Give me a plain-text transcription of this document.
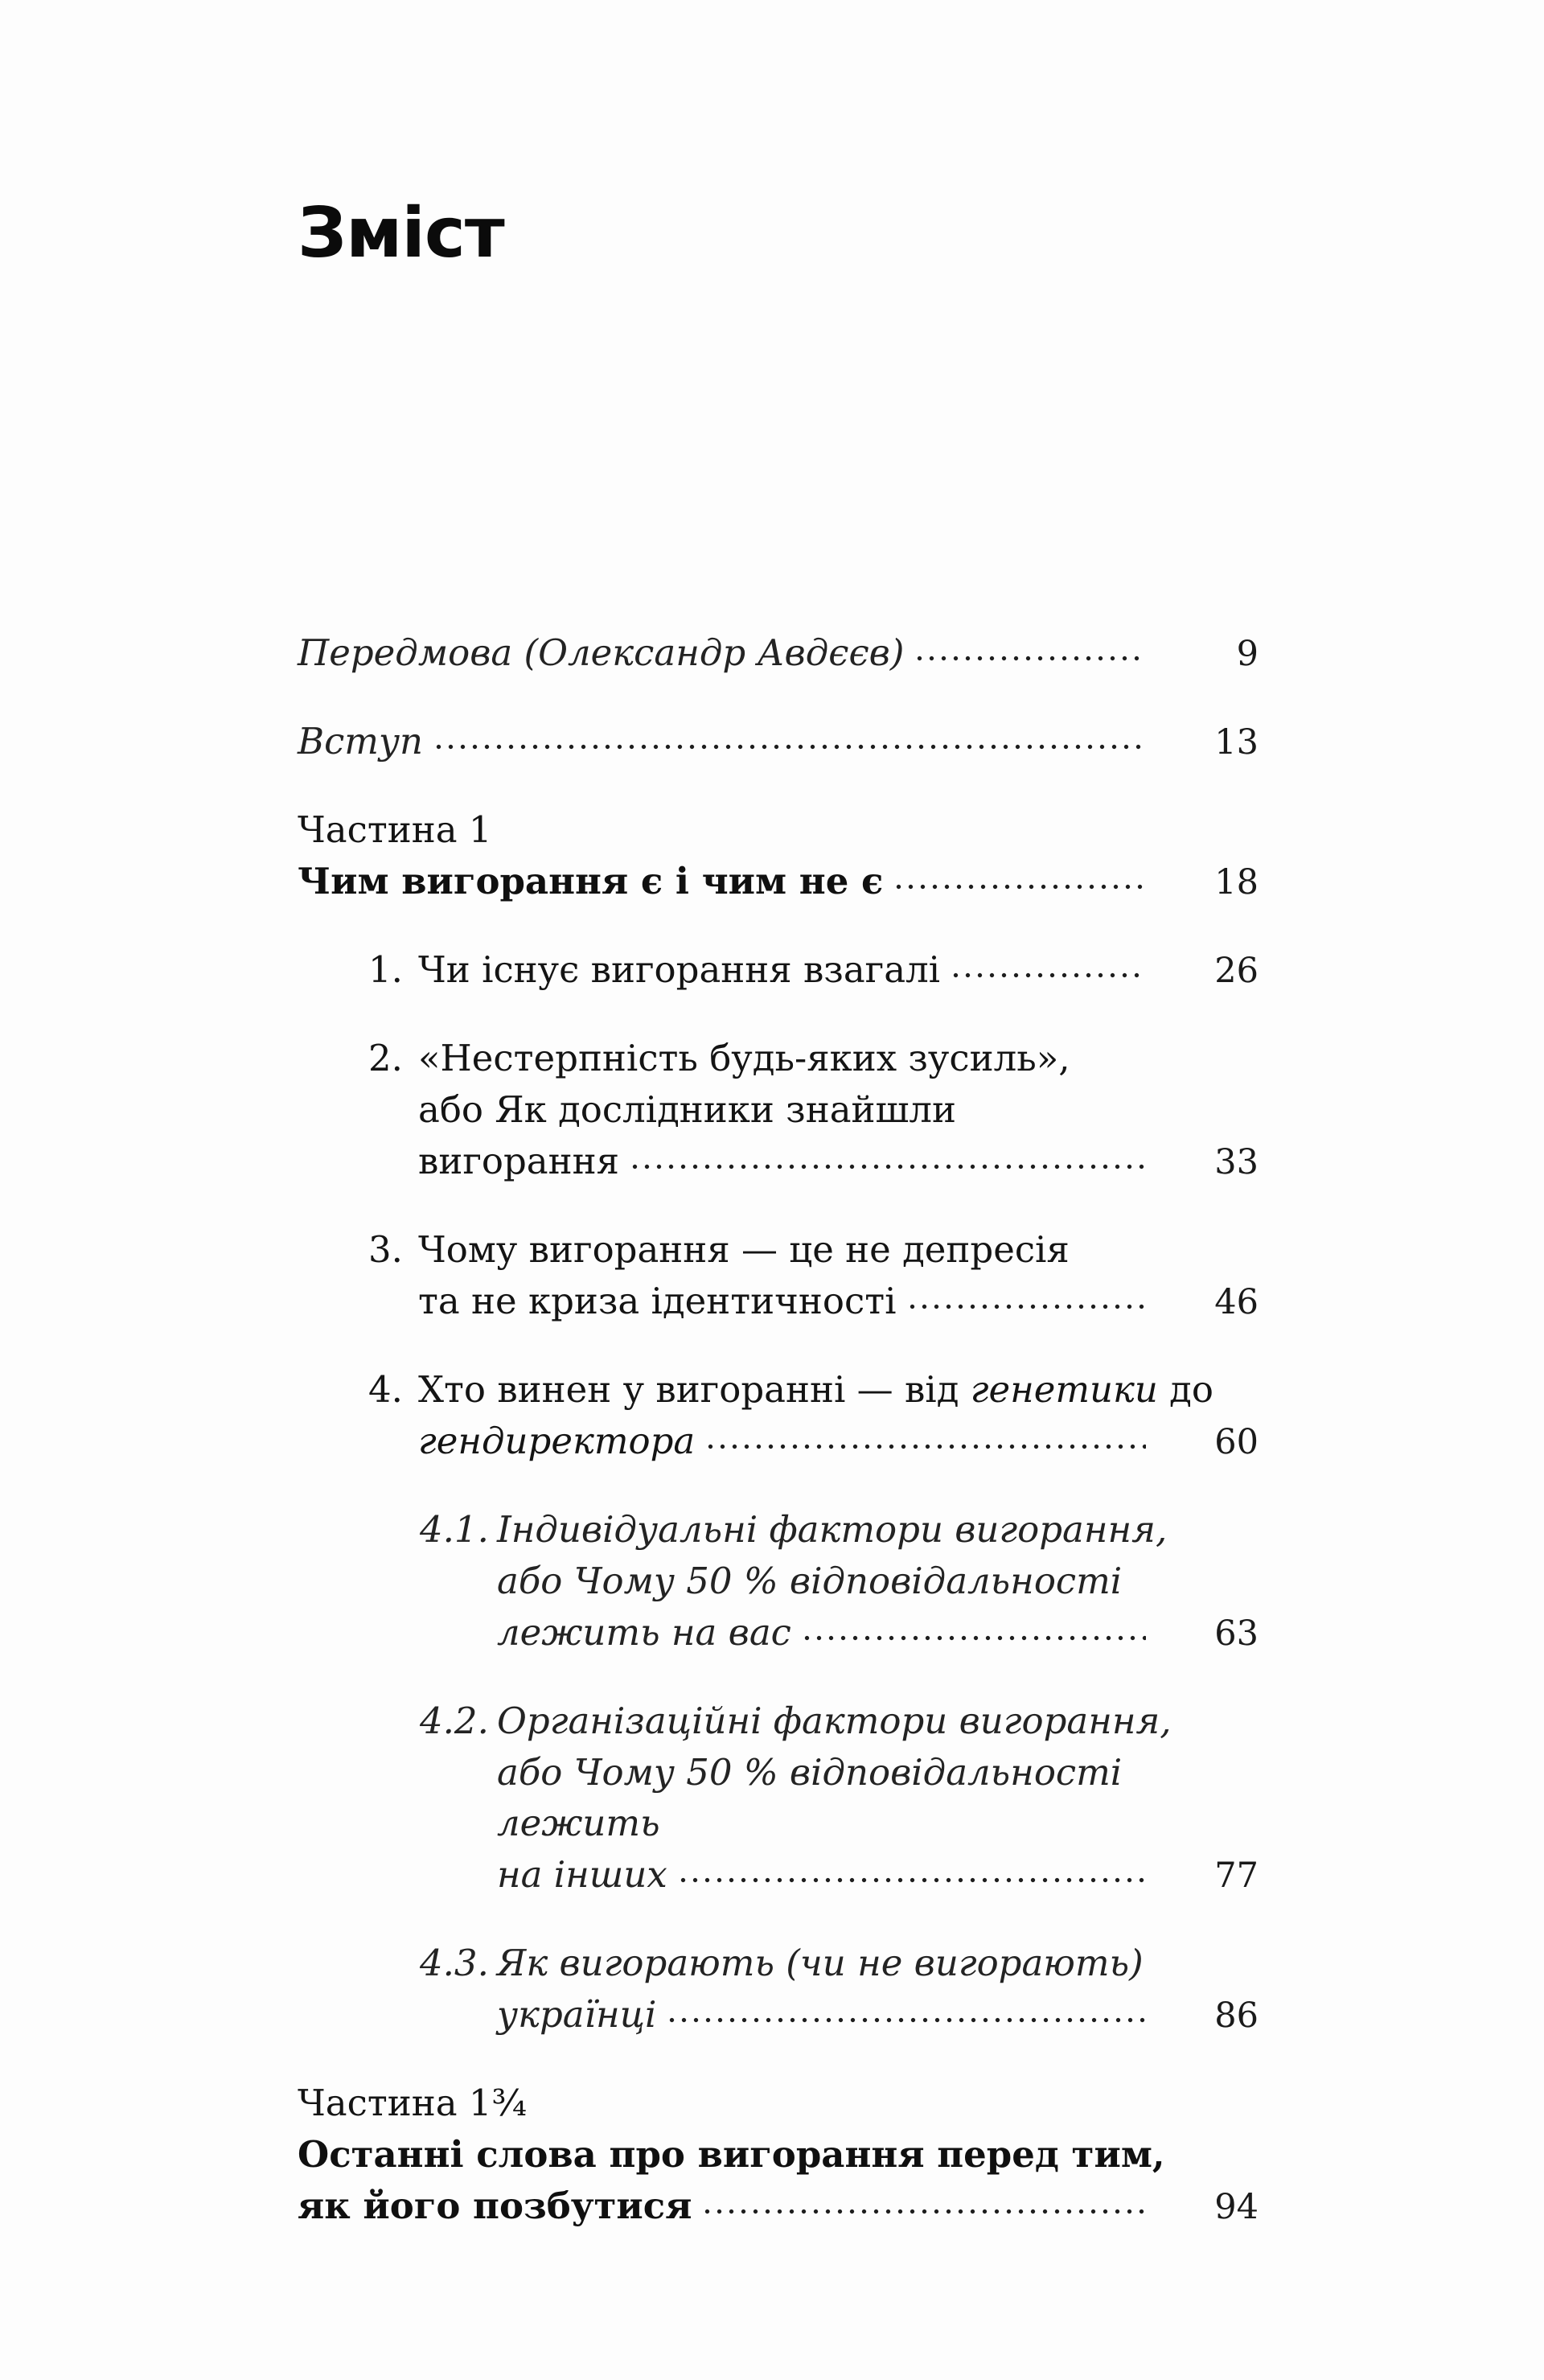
Зміст
Передмова (Олександр Авдєєв)	9
Вступ	13
Частина 1
Чим вигорання є і чим не є	18
1. Чи існує вигорання взагалі	26
2. «Нестерпність будь-яких зусиль»,
або Як дослідники знайшли
вигорання	33
3. Чому вигорання — це не депресія
та не криза ідентичності	46
4. Хто винен у вигоранні — від генетики до
гендиректора	60
4.1. Індивідуальні фактори вигорання,
або Чому 50 % відповідальності
лежить на вас	63
4.2. Організаційні фактори вигорання,
або Чому 50 % відповідальності лежить
на інших	77
4.3. Як вигорають (чи не вигорають)
українці	86
Частина 1¾
Останні слова про вигорання перед тим,
як його позбутися	94
